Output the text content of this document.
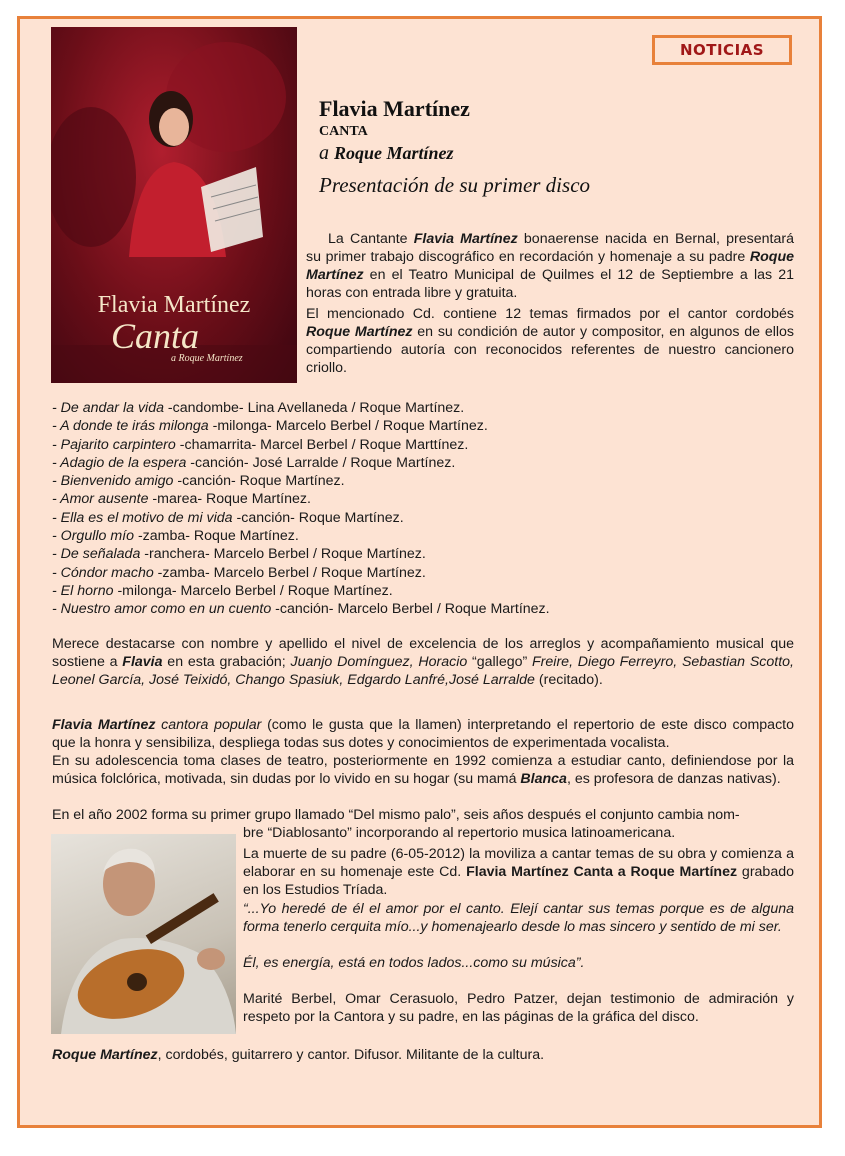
NOTICIAS
Flavia Martínez
Canta
a Roque Martínez
Flavia Martínez
CANTA
a Roque Martínez
Presentación de su primer disco

La Cantante Flavia Martínez bonaerense nacida en Bernal, presentará su primer trabajo discográfico en recordación y homenaje a su padre Roque Martínez en el Teatro Municipal de Quilmes el 12 de Septiembre a las 21 horas con entrada libre y gratuita.

El mencionado Cd. contiene 12 temas firmados por el cantor cordobés Roque Martínez en su condición de autor y compositor, en algunos de ellos compartiendo autoría con reconocidos referentes de nuestro cancionero criollo.

- De andar la vida -candombe- Lina Avellaneda / Roque Martínez.
- A donde te irás milonga -milonga- Marcelo Berbel / Roque Martínez.
- Pajarito carpintero -chamarrita- Marcel Berbel / Roque Marttínez.
- Adagio de la espera -canción- José Larralde / Roque Martínez.
- Bienvenido amigo -canción- Roque Martínez.
- Amor ausente -marea- Roque Martínez.
- Ella es el motivo de mi vida -canción- Roque Martínez.
- Orgullo mío -zamba- Roque Martínez.
- De señalada -ranchera- Marcelo Berbel / Roque Martínez.
- Cóndor macho -zamba- Marcelo Berbel / Roque Martínez.
- El horno -milonga- Marcelo Berbel / Roque Martínez.
- Nuestro amor como en un cuento -canción- Marcelo Berbel / Roque Martínez.

Merece destacarse con nombre y apellido el nivel de excelencia de los arreglos y acompañamiento musical que sostiene a Flavia en esta grabación; Juanjo Domínguez, Horacio “gallego” Freire, Diego Ferreyro, Sebastian Scotto, Leonel García, José Teixidó, Chango Spasiuk, Edgardo Lanfré,José Larralde (recitado).

Flavia Martínez cantora popular (como le gusta que la llamen) interpretando el repertorio de este disco compacto que la honra y sensibiliza, despliega todas sus dotes y conocimientos de experimentada vocalista.

En su adolescencia toma clases de teatro, posteriormente en 1992 comienza a estudiar canto, definiendose por la música folclórica, motivada, sin dudas por lo vivido en su hogar (su mamá Blanca, es profesora de danzas nativas).

En el año 2002 forma su primer grupo llamado “Del mismo palo”, seis años después el conjunto cambia nom-

bre “Diablosanto” incorporando al repertorio musica latinoamericana.

La muerte de su padre (6-05-2012) la moviliza a cantar temas de su obra y comienza a elaborar en su homenaje este Cd. Flavia Martínez Canta a Roque Martínez grabado en los Estudios Tríada.

“...Yo heredé de él el amor por el canto. Elejí cantar sus temas porque es de alguna forma tenerlo cerquita mío...y homenajearlo desde lo mas sincero y sentido de mi ser.

Él, es energía, está en todos lados...como su música”.

Marité Berbel, Omar Cerasuolo, Pedro Patzer, dejan testimonio de admiración y respeto por la Cantora y su padre, en las páginas de la gráfica del disco.

Roque Martínez, cordobés, guitarrero y cantor. Difusor. Militante de la cultura.
